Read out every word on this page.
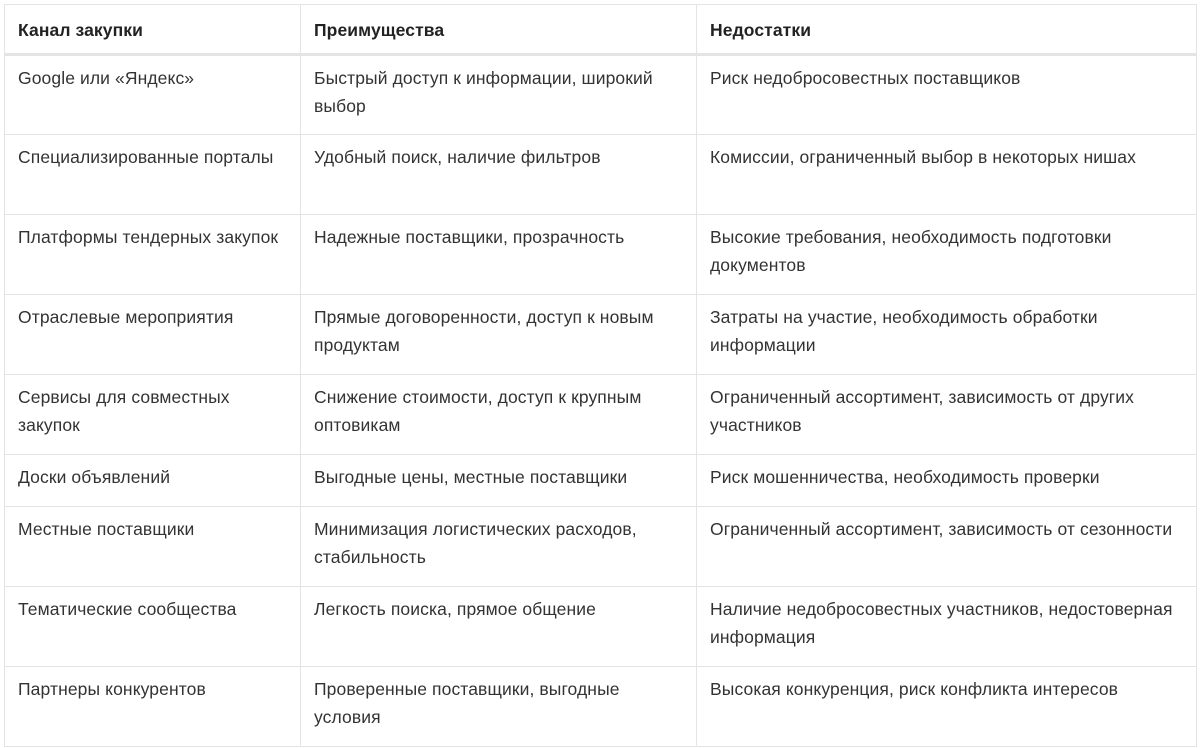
Канал закупки	Преимущества	Недостатки
Google или «Яндекс»	Быстрый доступ к информации, широкий выбор	Риск недобросовестных поставщиков
Специализированные порталы	Удобный поиск, наличие фильтров	Комиссии, ограниченный выбор в некоторых нишах
Платформы тендерных закупок	Надежные поставщики, прозрачность	Высокие требования, необходимость подготовки документов
Отраслевые мероприятия	Прямые договоренности, доступ к новым продуктам	Затраты на участие, необходимость обработки информации
Сервисы для совместных закупок	Снижение стоимости, доступ к крупным оптовикам	Ограниченный ассортимент, зависимость от других участников
Доски объявлений	Выгодные цены, местные поставщики	Риск мошенничества, необходимость проверки
Местные поставщики	Минимизация логистических расходов, стабильность	Ограниченный ассортимент, зависимость от сезонности
Тематические сообщества	Легкость поиска, прямое общение	Наличие недобросовестных участников, недостоверная информация
Партнеры конкурентов	Проверенные поставщики, выгодные условия	Высокая конкуренция, риск конфликта интересов
